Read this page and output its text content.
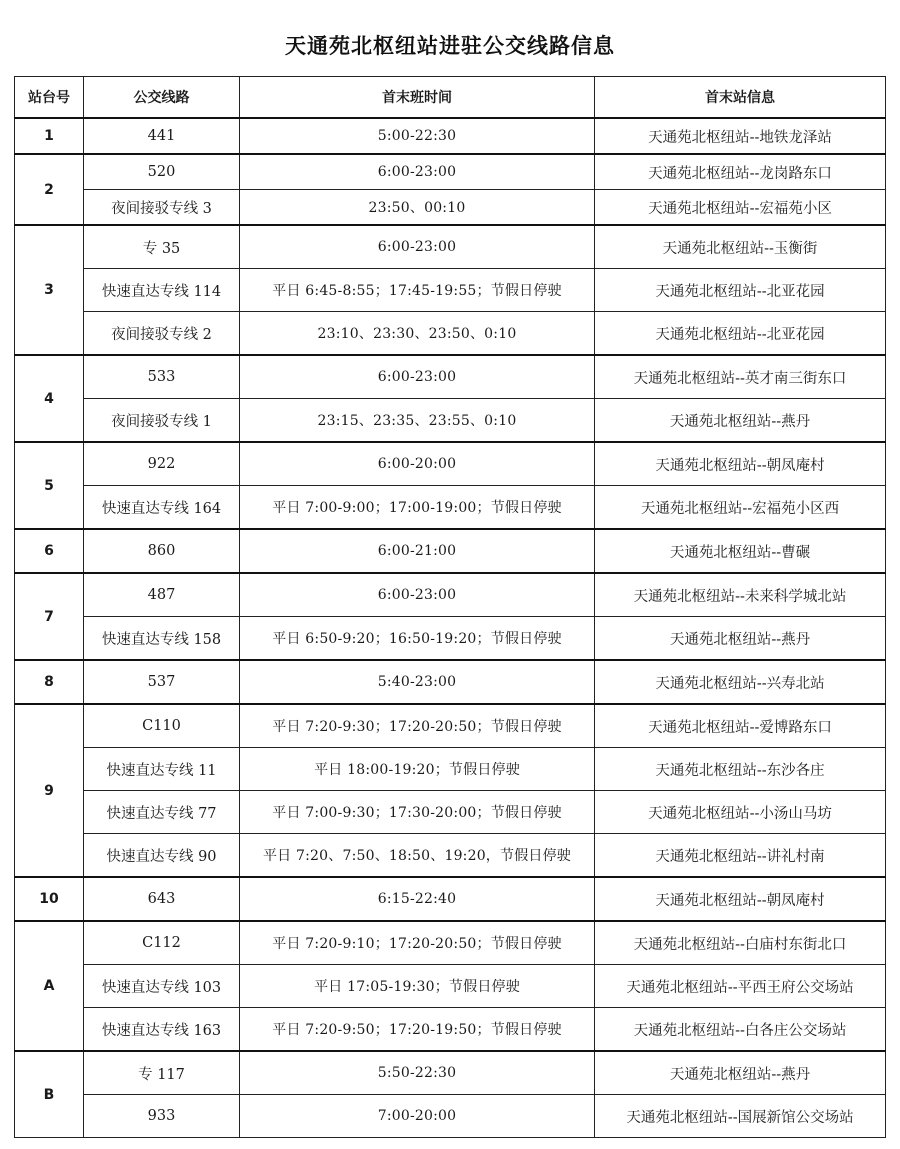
天通苑北枢纽站进驻公交线路信息
站台号	公交线路	首末班时间	首末站信息
1	441	5:00-22:30	天通苑北枢纽站--地铁龙泽站
2	520	6:00-23:00	天通苑北枢纽站--龙岗路东口
	夜间接驳专线 3	23:50、00:10	天通苑北枢纽站--宏福苑小区
3	专 35	6:00-23:00	天通苑北枢纽站--玉衡街
	快速直达专线 114	平日 6:45-8:55；17:45-19:55；节假日停驶	天通苑北枢纽站--北亚花园
	夜间接驳专线 2	23:10、23:30、23:50、0:10	天通苑北枢纽站--北亚花园
4	533	6:00-23:00	天通苑北枢纽站--英才南三街东口
	夜间接驳专线 1	23:15、23:35、23:55、0:10	天通苑北枢纽站--燕丹
5	922	6:00-20:00	天通苑北枢纽站--朝凤庵村
	快速直达专线 164	平日 7:00-9:00；17:00-19:00；节假日停驶	天通苑北枢纽站--宏福苑小区西
6	860	6:00-21:00	天通苑北枢纽站--曹碾
7	487	6:00-23:00	天通苑北枢纽站--未来科学城北站
	快速直达专线 158	平日 6:50-9:20；16:50-19:20；节假日停驶	天通苑北枢纽站--燕丹
8	537	5:40-23:00	天通苑北枢纽站--兴寿北站
9	C110	平日 7:20-9:30；17:20-20:50；节假日停驶	天通苑北枢纽站--爱博路东口
	快速直达专线 11	平日 18:00-19:20；节假日停驶	天通苑北枢纽站--东沙各庄
	快速直达专线 77	平日 7:00-9:30；17:30-20:00；节假日停驶	天通苑北枢纽站--小汤山马坊
	快速直达专线 90	平日 7:20、7:50、18:50、19:20，节假日停驶	天通苑北枢纽站--讲礼村南
10	643	6:15-22:40	天通苑北枢纽站--朝凤庵村
A	C112	平日 7:20-9:10；17:20-20:50；节假日停驶	天通苑北枢纽站--白庙村东街北口
	快速直达专线 103	平日 17:05-19:30；节假日停驶	天通苑北枢纽站--平西王府公交场站
	快速直达专线 163	平日 7:20-9:50；17:20-19:50；节假日停驶	天通苑北枢纽站--白各庄公交场站
B	专 117	5:50-22:30	天通苑北枢纽站--燕丹
	933	7:00-20:00	天通苑北枢纽站--国展新馆公交场站
